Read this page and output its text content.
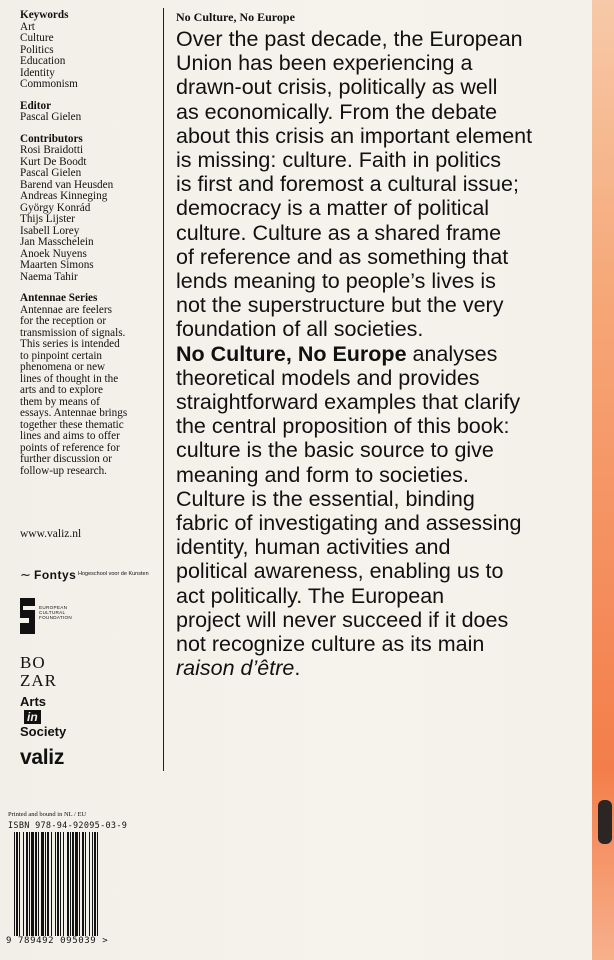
Keywords
Art
Culture
Politics
Education
Identity
Commonism
Editor
Pascal Gielen
Contributors
Rosi Braidotti
Kurt De Boodt
Pascal Gielen
Barend van Heusden
Andreas Kinneging
György Konrád
Thijs Lijster
Isabell Lorey
Jan Masschelein
Anoek Nuyens
Maarten Simons
Naema Tahir
Antennae Series
Antennae are feelers
for the reception or
transmission of signals.
This series is intended
to pinpoint certain
phenomena or new
lines of thought in the
arts and to explore
them by means of
essays. Antennae brings
together these thematic
lines and aims to offer
points of reference for
further discussion or
follow-up research.
www.valiz.nl
~ Fontys Hogeschool voor de Kunsten
EUROPEAN
CULTURAL
FOUNDATION
BO
ZAR
Arts
in
Society
valiz
No Culture, No Europe
Over the past decade, the European
Union has been experiencing a
drawn-out crisis, politically as well
as economically. From the debate
about this crisis an important element
is missing: culture. Faith in politics
is first and foremost a cultural issue;
democracy is a matter of political
culture. Culture as a shared frame
of reference and as something that
lends meaning to people’s lives is
not the superstructure but the very
foundation of all societies.
No Culture, No Europe analyses
theoretical models and provides
straightforward examples that clarify
the central proposition of this book:
culture is the basic source to give
meaning and form to societies.
Culture is the essential, binding
fabric of investigating and assessing
identity, human activities and
political awareness, enabling us to
act politically. The European
project will never succeed if it does
not recognize culture as its main
raison d’être.
Printed and bound in NL / EU
ISBN 978-94-92095-03-9
9 789492 095039 >
